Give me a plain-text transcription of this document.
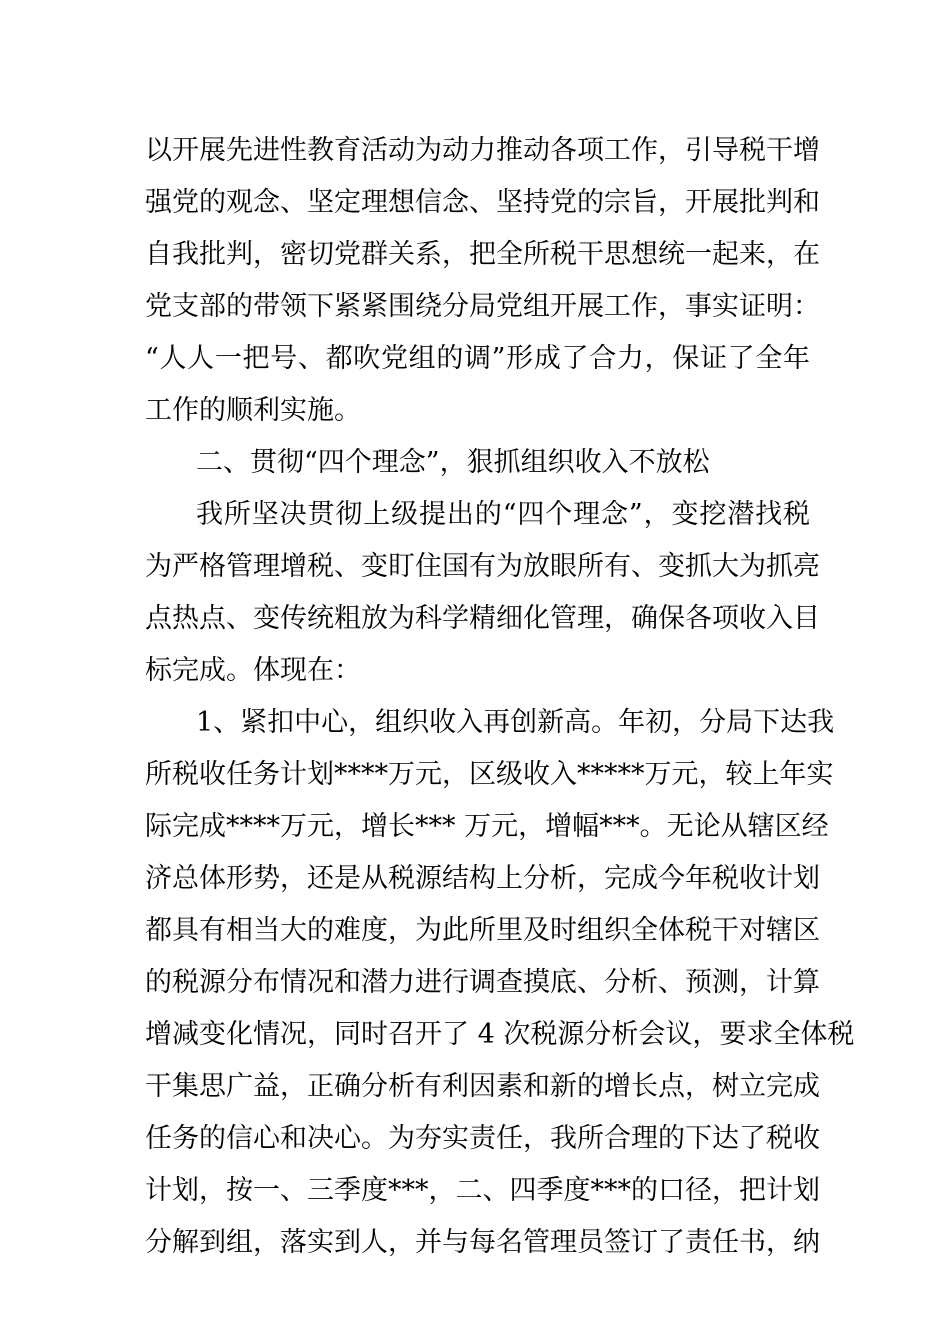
以开展先进性教育活动为动力推动各项工作，引导税干增
强党的观念、坚定理想信念、坚持党的宗旨，开展批判和
自我批判，密切党群关系，把全所税干思想统一起来，在
党支部的带领下紧紧围绕分局党组开展工作，事实证明：
“人人一把号、都吹党组的调”形成了合力，保证了全年
工作的顺利实施。
二、贯彻“四个理念”，狠抓组织收入不放松
我所坚决贯彻上级提出的“四个理念”，变挖潜找税
为严格管理增税、变盯住国有为放眼所有、变抓大为抓亮
点热点、变传统粗放为科学精细化管理，确保各项收入目
标完成。体现在：
1、紧扣中心，组织收入再创新高。年初，分局下达我
所税收任务计划****万元，区级收入*****万元，较上年实
际完成****万元，增长*** 万元，增幅***。无论从辖区经
济总体形势，还是从税源结构上分析，完成今年税收计划
都具有相当大的难度，为此所里及时组织全体税干对辖区
的税源分布情况和潜力进行调查摸底、分析、预测，计算
增减变化情况，同时召开了 4 次税源分析会议，要求全体税
干集思广益，正确分析有利因素和新的增长点，树立完成
任务的信心和决心。为夯实责任，我所合理的下达了税收
计划，按一、三季度***，二、四季度***的口径，把计划
分解到组，落实到人，并与每名管理员签订了责任书，纳
